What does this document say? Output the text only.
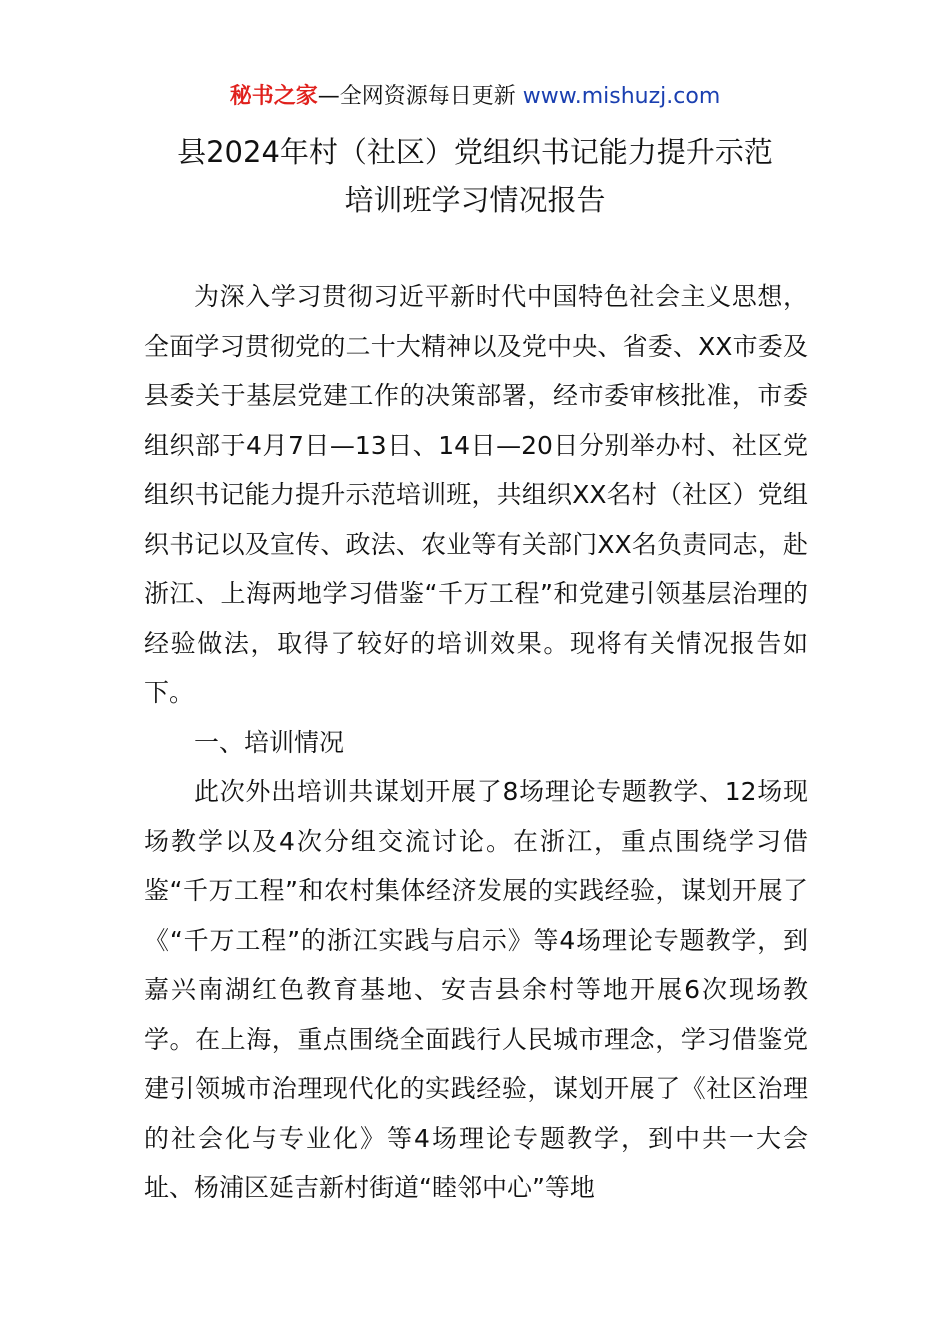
秘书之家—全网资源每日更新 www.mishuzj.com
县2024年村（社区）党组织书记能力提升示范
培训班学习情况报告

为深入学习贯彻习近平新时代中国特色社会主义思想，全面学习贯彻党的二十大精神以及党中央、省委、XX市委及县委关于基层党建工作的决策部署，经市委审核批准，市委组织部于4月7日—13日、14日—20日分别举办村、社区党组织书记能力提升示范培训班，共组织XX名村（社区）党组织书记以及宣传、政法、农业等有关部门XX名负责同志，赴浙江、上海两地学习借鉴“千万工程”和党建引领基层治理的经验做法，取得了较好的培训效果。现将有关情况报告如下。

一、培训情况

此次外出培训共谋划开展了8场理论专题教学、12场现场教学以及4次分组交流讨论。在浙江，重点围绕学习借鉴“千万工程”和农村集体经济发展的实践经验，谋划开展了《“千万工程”的浙江实践与启示》等4场理论专题教学，到嘉兴南湖红色教育基地、安吉县余村等地开展6次现场教学。在上海，重点围绕全面践行人民城市理念，学习借鉴党建引领城市治理现代化的实践经验，谋划开展了《社区治理的社会化与专业化》等4场理论专题教学，到中共一大会址、杨浦区延吉新村街道“睦邻中心”等地
